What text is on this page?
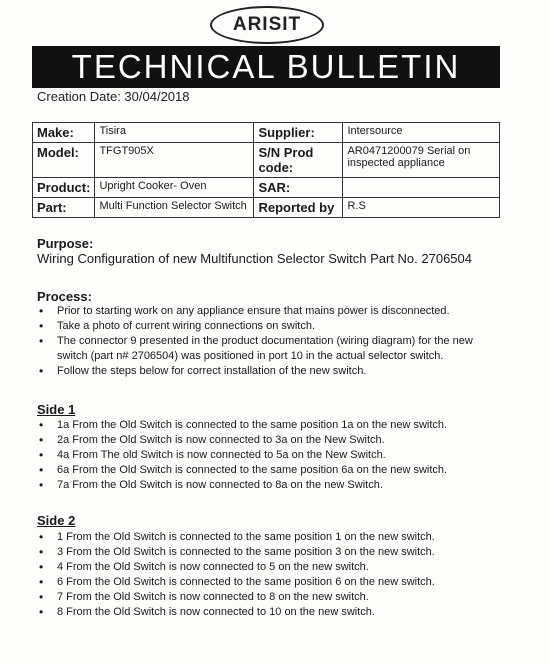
ARISIT
TECHNICAL BULLETIN
Creation Date: 30/04/2018
Make:	Tisira	Supplier:	Intersource
Model:	TFGT905X	S/N Prod code:	AR0471200079 Serial on inspected appliance
Product:	Upright Cooker- Oven	SAR:	
Part:	Multi Function Selector Switch	Reported by	R.S
Purpose:
Wiring Configuration of new Multifunction Selector Switch Part No. 2706504
Process:
• Prior to starting work on any appliance ensure that mains power is disconnected.
• Take a photo of current wiring connections on switch.
• The connector 9 presented in the product documentation (wiring diagram) for the new switch (part n# 2706504) was positioned in port 10 in the actual selector switch.
• Follow the steps below for correct installation of the new switch.
Side 1
• 1a From the Old Switch is connected to the same position 1a on the new switch.
• 2a From the Old Switch is now connected to 3a on the New Switch.
• 4a From The old Switch is now connected to 5a on the New Switch.
• 6a From the Old Switch is connected to the same position 6a on the new switch.
• 7a From the Old Switch is now connected to 8a on the new Switch.
Side 2
• 1 From the Old Switch is connected to the same position 1 on the new switch.
• 3 From the Old Switch is connected to the same position 3 on the new switch.
• 4 From the Old Switch is now connected to 5 on the new switch.
• 6 From the Old Switch is connected to the same position 6 on the new switch.
• 7 From the Old Switch is now connected to 8 on the new switch.
• 8 From the Old Switch is now connected to 10 on the new switch.
